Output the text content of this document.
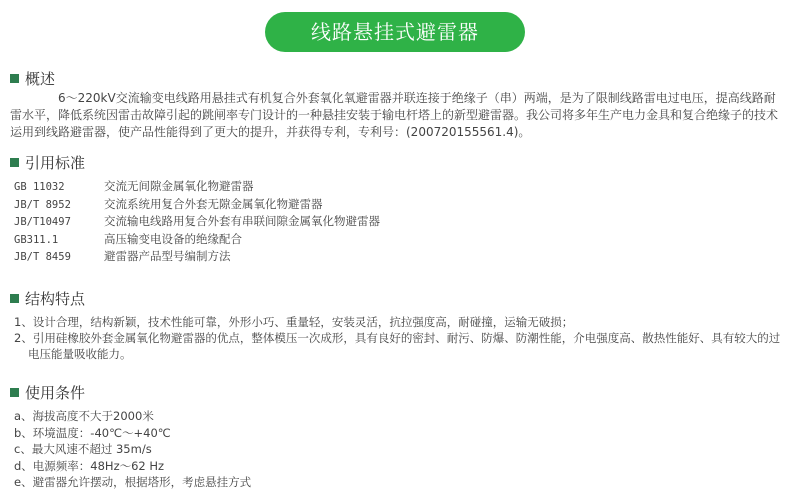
线路悬挂式避雷器
概述

6～220kV交流输变电线路用悬挂式有机复合外套氧化氧避雷器并联连接于绝缘子（串）两端，是为了限制线路雷电过电压，提高线路耐雷水平，降低系统因雷击故障引起的跳闸率专门设计的一种悬挂安装于输电杆塔上的新型避雷器。我公司将多年生产电力金具和复合绝缘子的技术运用到线路避雷器，使产品性能得到了更大的提升，并获得专利，专利号：(200720155561.4)。

引用标准
GB 11032	交流无间隙金属氧化物避雷器
JB/T 8952	交流系统用复合外套无隙金属氧化物避雷器
JB/T10497	交流输电线路用复合外套有串联间隙金属氧化物避雷器
GB311.1	高压输变电设备的绝缘配合
JB/T 8459	避雷器产品型号编制方法
结构特点
1、设计合理，结构新颖，技术性能可靠，外形小巧、重量轻，安装灵活，抗拉强度高，耐碰撞，运输无破损；
2、引用硅橡胶外套金属氧化物避雷器的优点，整体模压一次成形，具有良好的密封、耐污、防爆、防潮性能，介电强度高、散热性能好、具有较大的过电压能量吸收能力。
使用条件
a、海拔高度不大于2000米
b、环境温度：-40℃～+40℃
c、最大风速不超过 35m/s
d、电源频率：48Hz～62 Hz
e、避雷器允许摆动，根据塔形，考虑悬挂方式
